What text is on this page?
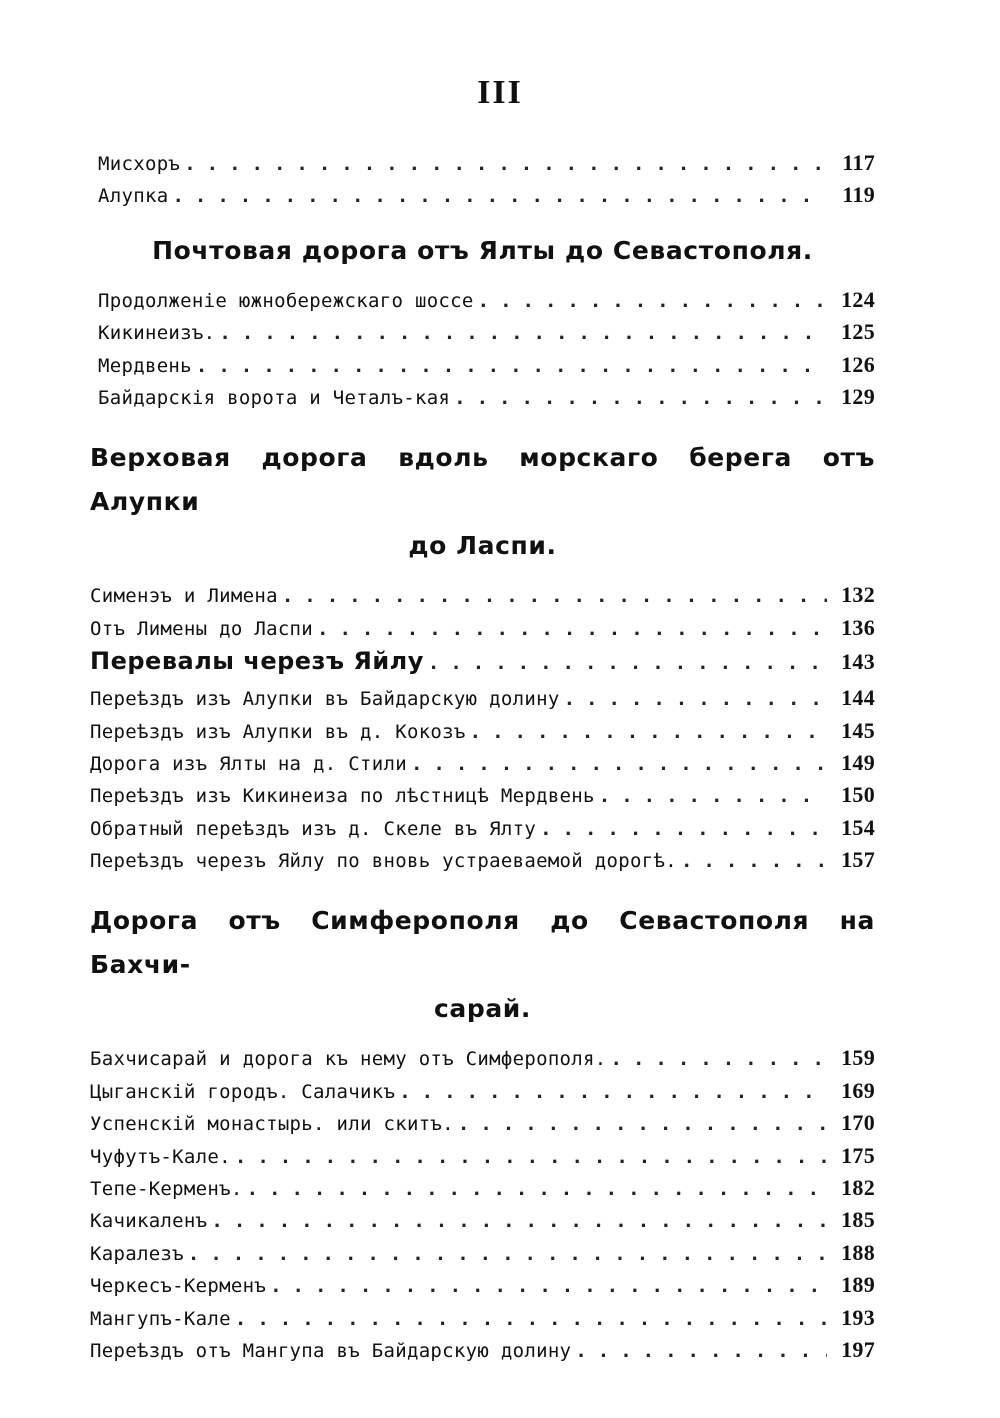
III
Мисхоръ .....	117
Алупка .....	119
Почтовая дорога отъ Ялты до Севастополя.
Продолженіе южнобережскаго шоссе .....	124
Кикинеизъ. .....	125
Мердвень .....	126
Байдарскія ворота и Четалъ-кая .....	129
Верховая дорога вдоль морскаго берега отъ Алупки
до Ласпи.
Сименэъ и Лимена .....	132
Отъ Лимены до Ласпи .....	136
Перевалы черезъ Яйлу .....	143
Переѣздъ изъ Алупки въ Байдарскую долину .....	144
Переѣздъ изъ Алупки въ д. Кокозъ .....	145
Дорога изъ Ялты на д. Стили .....	149
Переѣздъ изъ Кикинеиза по лѣстницѣ Мердвень .....	150
Обратный переѣздъ изъ д. Скеле въ Ялту .....	154
Переѣздъ черезъ Яйлу по вновь устраеваемой дорогѣ. .....	157
Дорога отъ Симферополя до Севастополя на Бахчи-
сарай.
Бахчисарай и дорога къ нему отъ Симферополя. .....	159
Цыганскій городъ. Салачикъ .....	169
Успенскій монастырь. или скитъ. .....	170
Чуфутъ-Кале. .....	175
Тепе-Керменъ. .....	182
Качикаленъ .....	185
Каралезъ .....	188
Черкесъ-Керменъ .....	189
Мангупъ-Кале .....	193
Переѣздъ отъ Мангупа въ Байдарскую долину .....	197
